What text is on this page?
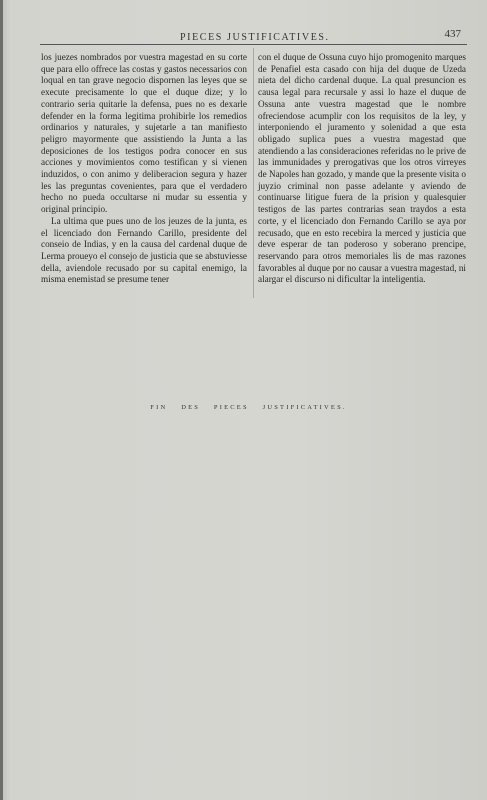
PIECES JUSTIFICATIVES.	437

los juezes nombrados por vuestra magestad en su corte que para ello offrece las costas y gastos necessarios con loqual en tan grave negocio dispornen las leyes que se execute precisamente lo que el duque dize; y lo contrario seria quitarle la defensa, pues no es dexarle defender en la forma legitima prohibirle los remedios ordinarios y naturales, y sujetarle a tan manifiesto peligro mayormente que assistiendo la Junta a las deposiciones de los testigos podra conocer en sus acciones y movimientos como testifican y si vienen induzidos, o con animo y deliberacion segura y hazer les las preguntas covenientes, para que el verdadero hecho no pueda occultarse ni mudar su essentia y original principio.

La ultima que pues uno de los jeuzes de la junta, es el licenciado don Fernando Carillo, presidente del conseio de Indias, y en la causa del cardenal duque de Lerma proueyo el consejo de justicia que se abstuviesse della, aviendole recusado por su capital enemigo, la misma enemistad se presume tener

con el duque de Ossuna cuyo hijo promogenito marques de Penafiel esta casado con hija del duque de Uzeda nieta del dicho cardenal duque. La qual presuncion es causa legal para recursale y assi lo haze el duque de Ossuna ante vuestra magestad que le nombre ofreciendose acumplir con los requisitos de la ley, y interponiendo el juramento y solenidad a que esta obligado suplica pues a vuestra magestad que atendiendo a las consideraciones referidas no le prive de las immunidades y prerogativas que los otros virreyes de Napoles han gozado, y mande que la presente visita o juyzio criminal non passe adelante y aviendo de continuarse litigue fuera de la prision y qualesquier testigos de las partes contrarias sean traydos a esta corte, y el licenciado don Fernando Carillo se aya por recusado, que en esto recebira la merced y justicia que deve esperar de tan poderoso y soberano prencipe, reservando para otros memoriales lis de mas razones favorables al duque por no causar a vuestra magestad, ni alargar el discurso ni dificultar la inteligentia.

FIN DES PIECES JUSTIFICATIVES.
